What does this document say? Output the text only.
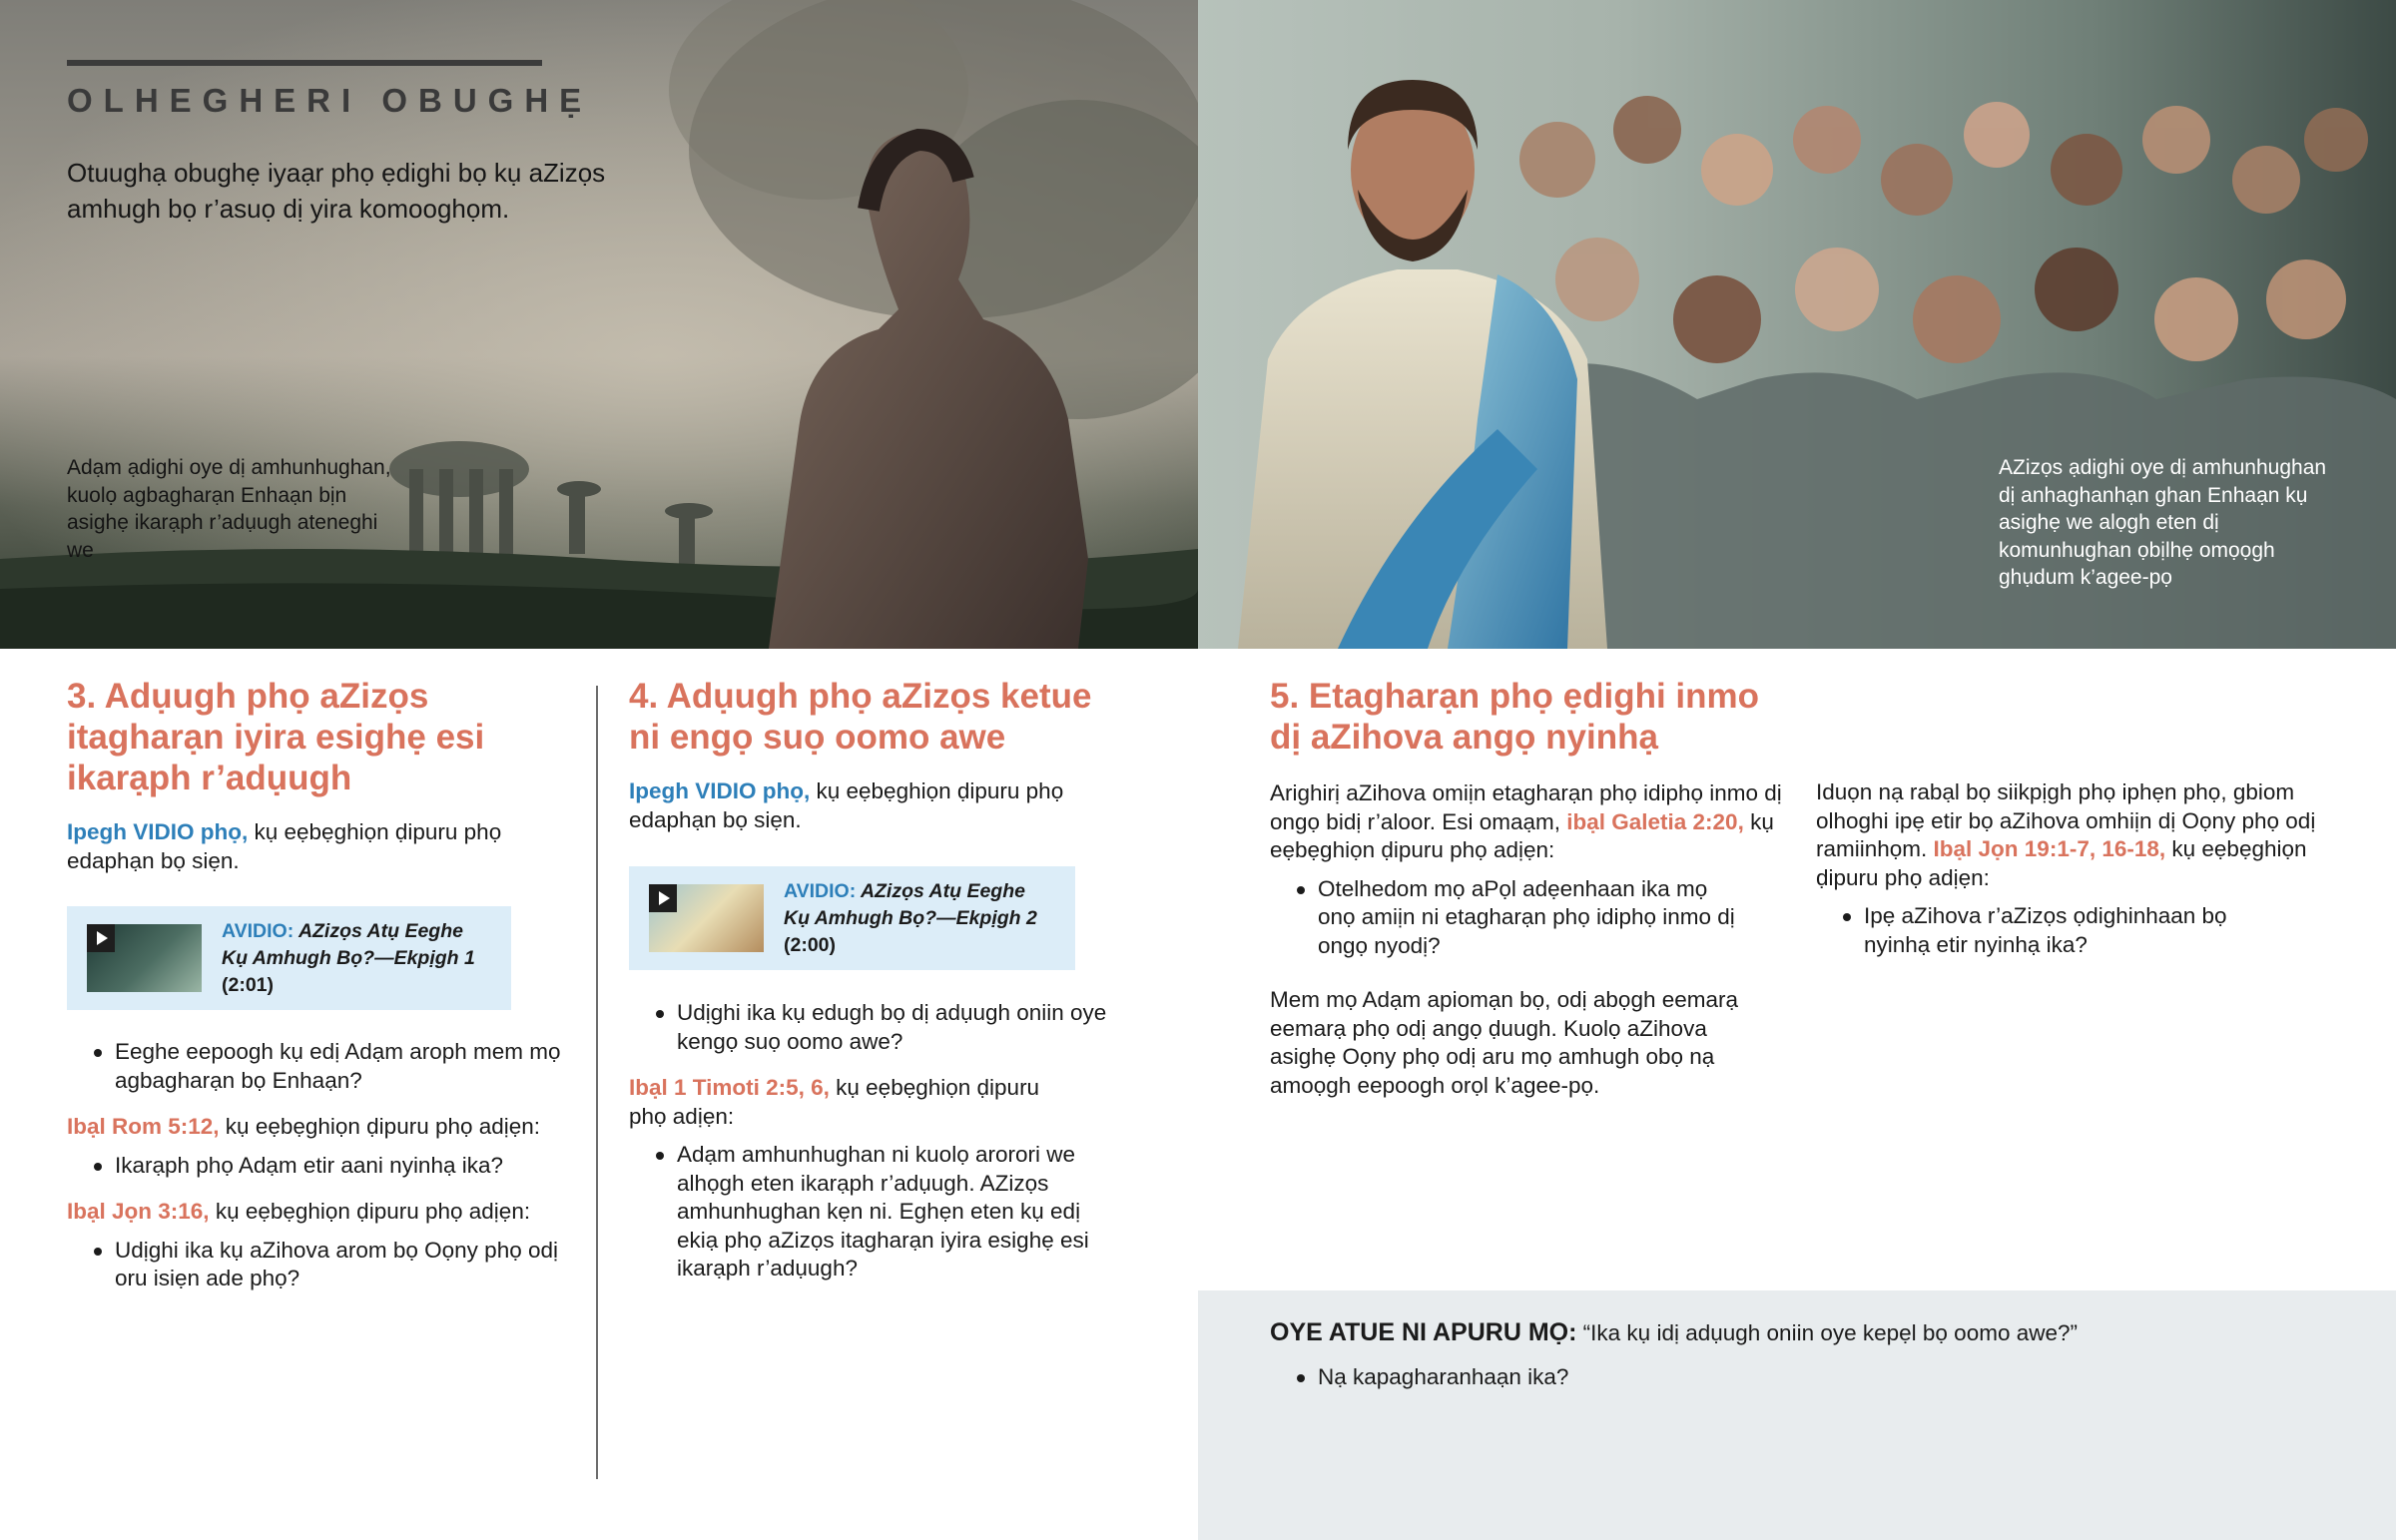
OLHEGHERI OBUGHẸ
Otuughạ obughẹ iyaạr phọ ẹdighi bọ kụ aZizọs amhugh bọ r’asuọ dị yira komooghọm.
Adạm ạdighi oye dị amhunhughan, kuolọ agbagharạn Enhaạn bịn asighẹ ikarạph r’adụugh ateneghi we
AZizọs ạdighi oye dị amhunhughan dị anhaghanhạn ghan Enhaạn kụ asighẹ we alọgh eten dị komunhughan ọbịlhẹ omọọgh ghụdum k’agee-pọ
3. Adụugh phọ aZizọs itagharạn iyira esighẹ esi ikarạph r’adụugh
Ipegh VIDIO phọ, kụ eẹbẹghiọn ḍipuru phọ edaphạn bọ siẹn.
AVIDIO: AZizọs Atụ Eeghe Kụ Amhugh Bọ?—Ekpịgh 1 (2:01)
Eeghe eepoogh kụ edị Adạm aroph mem mọ agbagharạn bọ Enhaạn?
Ibạl Rom 5:12, kụ eẹbẹghiọn ḍipuru phọ adịẹn:
Ikarạph phọ Adạm etir aani nyinhạ ika?
Ibạl Jọn 3:16, kụ eẹbẹghiọn ḍipuru phọ adịẹn:
Udịghi ika kụ aZihova arom bọ Oọny phọ odị oru isiẹn ade phọ?
4. Adụugh phọ aZizọs ketue ni engọ suọ oomo awe
Ipegh VIDIO phọ, kụ eẹbẹghiọn ḍipuru phọ edaphạn bọ siẹn.
AVIDIO: AZizọs Atụ Eeghe Kụ Amhugh Bọ?—Ekpịgh 2 (2:00)
Udịghi ika kụ edugh bọ dị adụugh oniin oye kengọ suọ oomo awe?
Ibạl 1 Timoti 2:5, 6, kụ eẹbẹghiọn ḍipuru phọ adịẹn:
Adạm amhunhughan ni kuolọ arorori we alhọgh eten ikarạph r’adụugh. AZizọs amhunhughan kẹn ni. Eghẹn eten kụ edị ekiạ phọ aZizọs itagharạn iyira esighẹ esi ikarạph r’adụugh?
5. Etagharạn phọ ẹdighi inmo dị aZihova angọ nyinhạ
Arighirị aZihova omiịn etagharạn phọ idiphọ inmo dị ongọ bidị r’aloor. Esi omaạm, ibạl Galetia 2:20, kụ eẹbẹghiọn ḍipuru phọ adịẹn:
Otelhedom mọ aPọl adẹenhaan ika mọ onọ amiịn ni etagharạn phọ idiphọ inmo dị ongọ nyodị?
Mem mọ Adạm apiomạn bọ, odị abọgh eemarạ eemarạ phọ odị angọ ḍuugh. Kuolọ aZihova asighẹ Oọny phọ odị aru mọ amhugh obọ nạ amoọgh eepoogh orọl k’agee-pọ.
Iduọn nạ rabạl bọ siikpịgh phọ iphẹn phọ, gbiom olhoghi ipẹ etir bọ aZihova omhiịn dị Oọny phọ odị ramiinhọm. Ibạl Jọn 19:1-7, 16-18, kụ eẹbẹghiọn ḍipuru phọ adịẹn:
Ipẹ aZihova r’aZizọs ọdighinhaan bọ nyinhạ etir nyinhạ ika?
OYE ATUE NI APURU MỌ: “Ika kụ idị adụugh oniin oye kepẹl bọ oomo awe?”
Nạ kapagharanhaạn ika?
